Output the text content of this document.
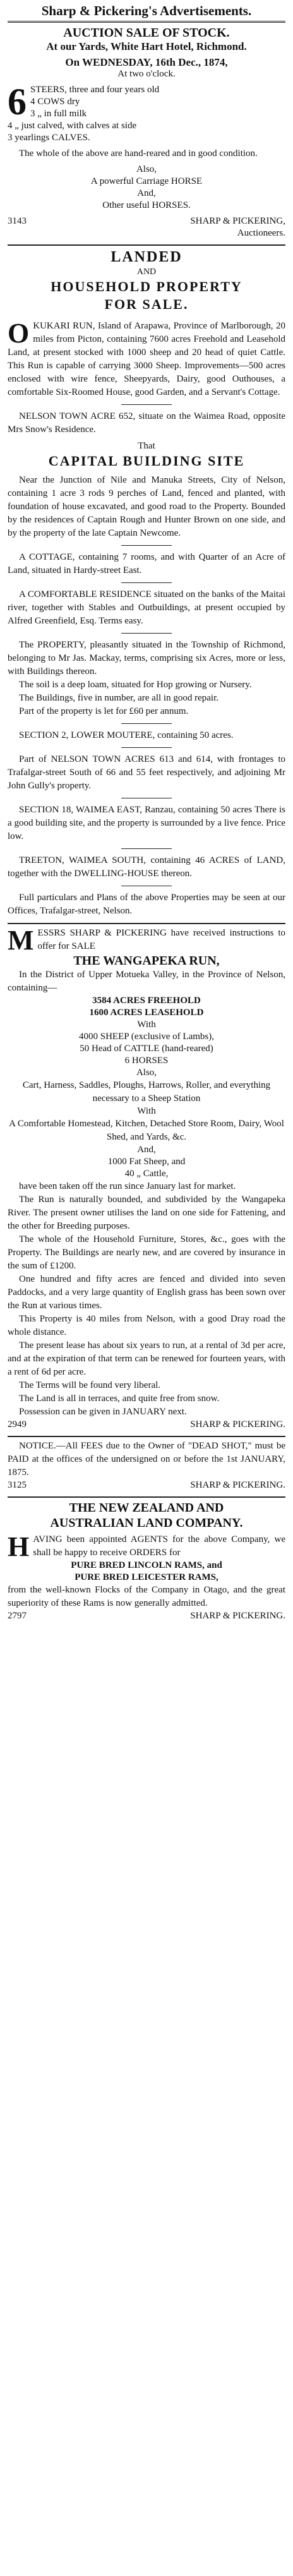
Sharp & Pickering's Advertisements.
AUCTION SALE OF STOCK.
At our Yards, White Hart Hotel, Richmond.
On WEDNESDAY, 16th Dec., 1874,
At two o'clock.
6 STEERS, three and four years old
4 COWS dry
3 „ in full milk
4 „ just calved, with calves at side
3 yearlings CALVES.
The whole of the above are hand-reared and in good condition.
Also,
A powerful Carriage HORSE
And,
Other useful HORSES.
3143	SHARP & PICKERING,
Auctioneers.
LANDED
AND
HOUSEHOLD PROPERTY
FOR SALE.
O KUKARI RUN, Island of Arapawa, Province of Marlborough, 20 miles from Picton, containing 7600 acres Freehold and Leasehold Land, at present stocked with 1000 sheep and 20 head of quiet Cattle. This Run is capable of carrying 3000 Sheep. Improvements—500 acres enclosed with wire fence, Sheepyards, Dairy, good Outhouses, a comfortable Six-Roomed House, good Garden, and a Servant's Cottage.
NELSON TOWN ACRE 652, situate on the Waimea Road, opposite Mrs Snow's Residence.
That
CAPITAL BUILDING SITE
Near the Junction of Nile and Manuka Streets, City of Nelson, containing 1 acre 3 rods 9 perches of Land, fenced and planted, with foundation of house excavated, and good road to the Property. Bounded by the residences of Captain Rough and Hunter Brown on one side, and by the property of the late Captain Newcome.
A COTTAGE, containing 7 rooms, and with Quarter of an Acre of Land, situated in Hardy-street East.
A COMFORTABLE RESIDENCE situated on the banks of the Maitai river, together with Stables and Outbuildings, at present occupied by Alfred Greenfield, Esq. Terms easy.
The PROPERTY, pleasantly situated in the Township of Richmond, belonging to Mr Jas. Mackay, terms, comprising six Acres, more or less, with Buildings thereon.
The soil is a deep loam, situated for Hop growing or Nursery.
The Buildings, five in number, are all in good repair.
Part of the property is let for £60 per annum.
SECTION 2, LOWER MOUTERE, containing 50 acres.
Part of NELSON TOWN ACRES 613 and 614, with frontages to Trafalgar-street South of 66 and 55 feet respectively, and adjoining Mr John Gully's property.
SECTION 18, WAIMEA EAST, Ranzau, containing 50 acres There is a good building site, and the property is surrounded by a live fence. Price low.
TREETON, WAIMEA SOUTH, containing 46 ACRES of LAND, together with the DWELLING-HOUSE thereon.
Full particulars and Plans of the above Properties may be seen at our Offices, Trafalgar-street, Nelson.
M ESSRS SHARP & PICKERING have received instructions to offer for SALE
THE WANGAPEKA RUN,
In the District of Upper Motueka Valley, in the Province of Nelson, containing—
3584 ACRES FREEHOLD
1600 ACRES LEASEHOLD
With
4000 SHEEP (exclusive of Lambs),
50 Head of CATTLE (hand-reared)
6 HORSES
Also,
Cart, Harness, Saddles, Ploughs, Harrows, Roller, and everything necessary to a Sheep Station
With
A Comfortable Homestead, Kitchen, Detached Store Room, Dairy, Wool Shed, and Yards, &c.
And,
1000 Fat Sheep, and
40 „ Cattle,
have been taken off the run since January last for market.
The Run is naturally bounded, and subdivided by the Wangapeka River. The present owner utilises the land on one side for Fattening, and the other for Breeding purposes.
The whole of the Household Furniture, Stores, &c., goes with the Property. The Buildings are nearly new, and are covered by insurance in the sum of £1200.
One hundred and fifty acres are fenced and divided into seven Paddocks, and a very large quantity of English grass has been sown over the Run at various times.
This Property is 40 miles from Nelson, with a good Dray road the whole distance.
The present lease has about six years to run, at a rental of 3d per acre, and at the expiration of that term can be renewed for fourteen years, with a rent of 6d per acre.
The Terms will be found very liberal.
The Land is all in terraces, and quite free from snow.
Possession can be given in JANUARY next.
2949	SHARP & PICKERING.
NOTICE.—All FEES due to the Owner of "DEAD SHOT," must be PAID at the offices of the undersigned on or before the 1st JANUARY, 1875.
3125	SHARP & PICKERING.
THE NEW ZEALAND AND
AUSTRALIAN LAND COMPANY.
H AVING been appointed AGENTS for the above Company, we shall be happy to receive ORDERS for
PURE BRED LINCOLN RAMS, and
PURE BRED LEICESTER RAMS,
from the well-known Flocks of the Company in Otago, and the great superiority of these Rams is now generally admitted.
2797	SHARP & PICKERING.
